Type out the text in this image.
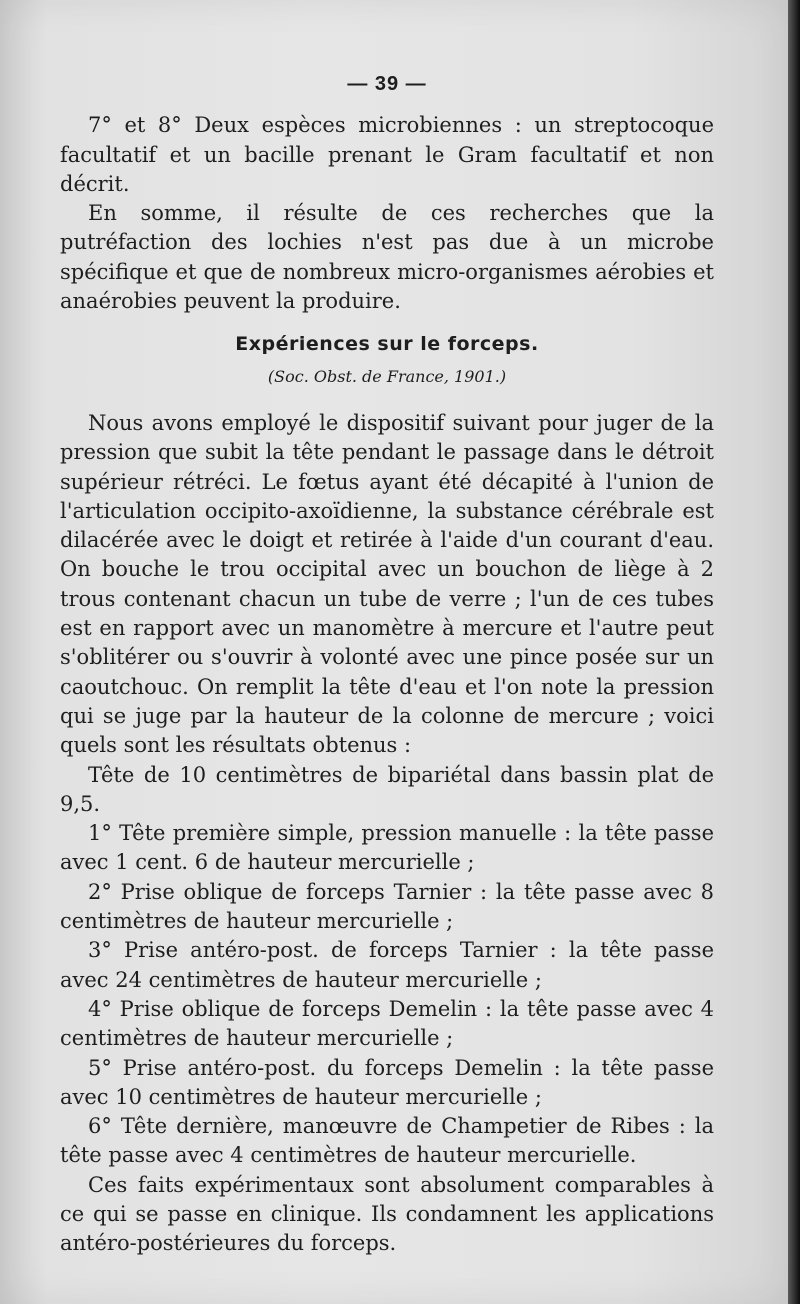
— 39 —

7° et 8° Deux espèces microbiennes : un streptocoque facultatif et un bacille prenant le Gram facultatif et non décrit.

En somme, il résulte de ces recherches que la putréfaction des lochies n'est pas due à un microbe spécifique et que de nombreux micro-organismes aérobies et anaérobies peuvent la produire.

Expériences sur le forceps.
(Soc. Obst. de France, 1901.)

Nous avons employé le dispositif suivant pour juger de la pression que subit la tête pendant le passage dans le détroit supérieur rétréci. Le fœtus ayant été décapité à l'union de l'articulation occipito-axoïdienne, la substance cérébrale est dilacérée avec le doigt et retirée à l'aide d'un courant d'eau. On bouche le trou occipital avec un bouchon de liège à 2 trous contenant chacun un tube de verre ; l'un de ces tubes est en rapport avec un manomètre à mercure et l'autre peut s'oblitérer ou s'ouvrir à volonté avec une pince posée sur un caoutchouc. On remplit la tête d'eau et l'on note la pression qui se juge par la hauteur de la colonne de mercure ; voici quels sont les résultats obtenus :

Tête de 10 centimètres de bipariétal dans bassin plat de 9,5.

1° Tête première simple, pression manuelle : la tête passe avec 1 cent. 6 de hauteur mercurielle ;

2° Prise oblique de forceps Tarnier : la tête passe avec 8 centimètres de hauteur mercurielle ;

3° Prise antéro-post. de forceps Tarnier : la tête passe avec 24 centimètres de hauteur mercurielle ;

4° Prise oblique de forceps Demelin : la tête passe avec 4 centimètres de hauteur mercurielle ;

5° Prise antéro-post. du forceps Demelin : la tête passe avec 10 centimètres de hauteur mercurielle ;

6° Tête dernière, manœuvre de Champetier de Ribes : la tête passe avec 4 centimètres de hauteur mercurielle.

Ces faits expérimentaux sont absolument comparables à ce qui se passe en clinique. Ils condamnent les applications antéro-postérieures du forceps.
